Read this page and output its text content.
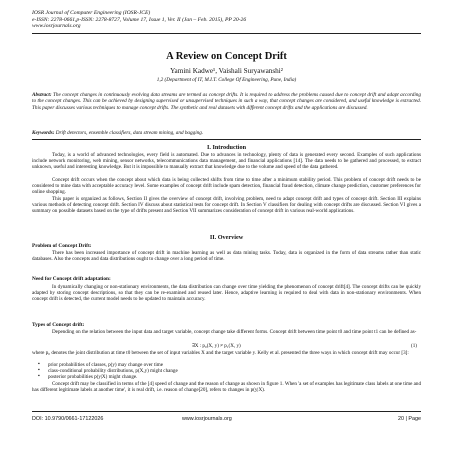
IOSR Journal of Computer Engineering (IOSR-JCE)
e-ISSN: 2278-0661,p-ISSN: 2278-8727, Volume 17, Issue 1, Ver. II (Jan – Feb. 2015), PP 20-26
www.iosrjournals.org
A Review on Concept Drift
Yamini Kadwe¹, Vaishali Suryawanshi²
1,2 (Department of IT, M.I.T. College Of Engineering, Pune, India)
Abstract: The concept changes in continuously evolving data streams are termed as concept drifts. It is required to address the problems caused due to concept drift and adapt according to the concept changes. This can be achieved by designing supervised or unsupervised techniques in such a way, that concept changes are considered, and useful knowledge is extracted. This paper discusses various techniques to manage concept drifts. The synthetic and real datasets with different concept drifts and the applications are discussed.
Keywords: Drift detectors, ensemble classifiers, data stream mining, and bagging.
I. Introduction
Today, is a world of advanced technologies, every field is automated. Due to advances in technology, plenty of data is generated every second. Examples of such applications include network monitoring, web mining, sensor networks, telecommunications data management, and financial applications [14]. The data needs to be gathered and processed, to extract unknown, useful and interesting knowledge. But it is impossible to manually extract that knowledge due to the volume and speed of the data gathered.
Concept drift occurs when the concept about which data is being collected shifts from time to time after a minimum stability period. This problem of concept drift needs to be considered to mine data with acceptable accuracy level. Some examples of concept drift include spam detection, financial fraud detection, climate change prediction, customer preferences for online shopping.
This paper is organized as follows, Section II gives the overview of concept drift, involving problem, need to adapt concept drift and types of concept drift. Section III explains various methods of detecting concept drift. Section IV discuss about statistical tests for concept drift. In Section V classifiers for dealing with concept drifts are discussed. Section VI gives a summary on possible datasets based on the type of drifts present and Section VII summarizes consideration of concept drift in various real-world applications.
II. Overview
Problem of Concept Drift:
There has been increased importance of concept drift in machine learning as well as data mining tasks. Today, data is organized in the form of data streams rather than static databases. Also the concepts and data distributions ought to change over a long period of time.
Need for Concept drift adaptation:
In dynamically changing or non-stationary environments, the data distribution can change over time yielding the phenomenon of concept drift[4]. The concept drifts can be quickly adapted by storing concept descriptions, so that they can be re-examined and reused later. Hence, adaptive learning is required to deal with data in non-stationary environments. When concept drift is detected, the current model needs to be updated to maintain accuracy.
Types of Concept drift:
Depending on the relation between the input data and target variable, concept change take different forms. Concept drift between time point t0 and time point t1 can be defined as-
∃X : p₀(X, y) ≠ p₁(X, y)	(1)
where p₀ denotes the joint distribution at time t0 between the set of input variables X and the target variable y. Kelly et al. presented the three ways in which concept drift may occur [3]:
▪ prior probabilities of classes, p(y) may change over time
▪ class-conditional probability distributions, p(X,y) might change
▪ posterior probabilities p(y|X) might change.
Concept drift may be classified in terms of the [4] speed of change and the reason of change as shown in figure 1. When 'a set of examples has legitimate class labels at one time and has different legitimate labels at another time', it is real drift, i.e. reason of change[20], refers to changes in p(y|X).
DOI: 10.9790/0661-17122026	www.iosrjournals.org	20 | Page
